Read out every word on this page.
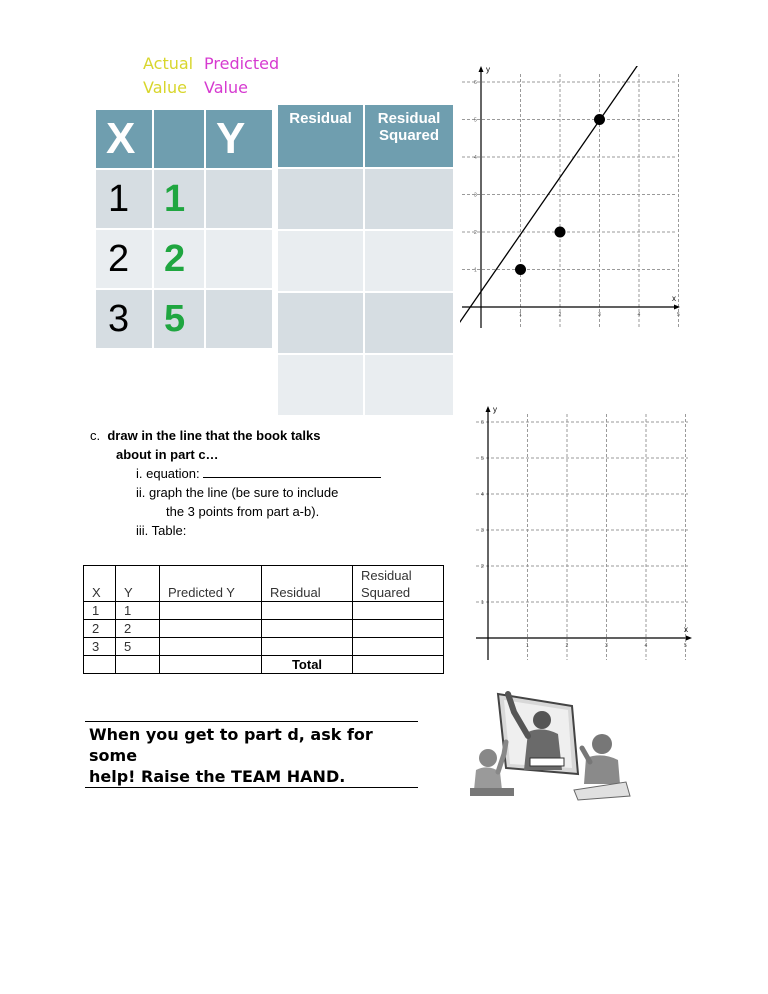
Actual
Value
Predicted
Value
X		Y
1	1	
2	2	
3	5	
Residual	Residual
Squared

x
y
1	2	3	4	5
1
2
3
4
5
6
c. draw in the line that the book talks
about in part c…
i. equation:
ii. graph the line (be sure to include
the 3 points from part a-b).
iii. Table:
x
y
1	2	3	4	5
1
2
3
4
5
6
X	Y	Predicted Y	Residual	Residual
Squared

1	1			
2	2			
3	5			
			Total	
When you get to part d, ask for some
help! Raise the TEAM HAND.
